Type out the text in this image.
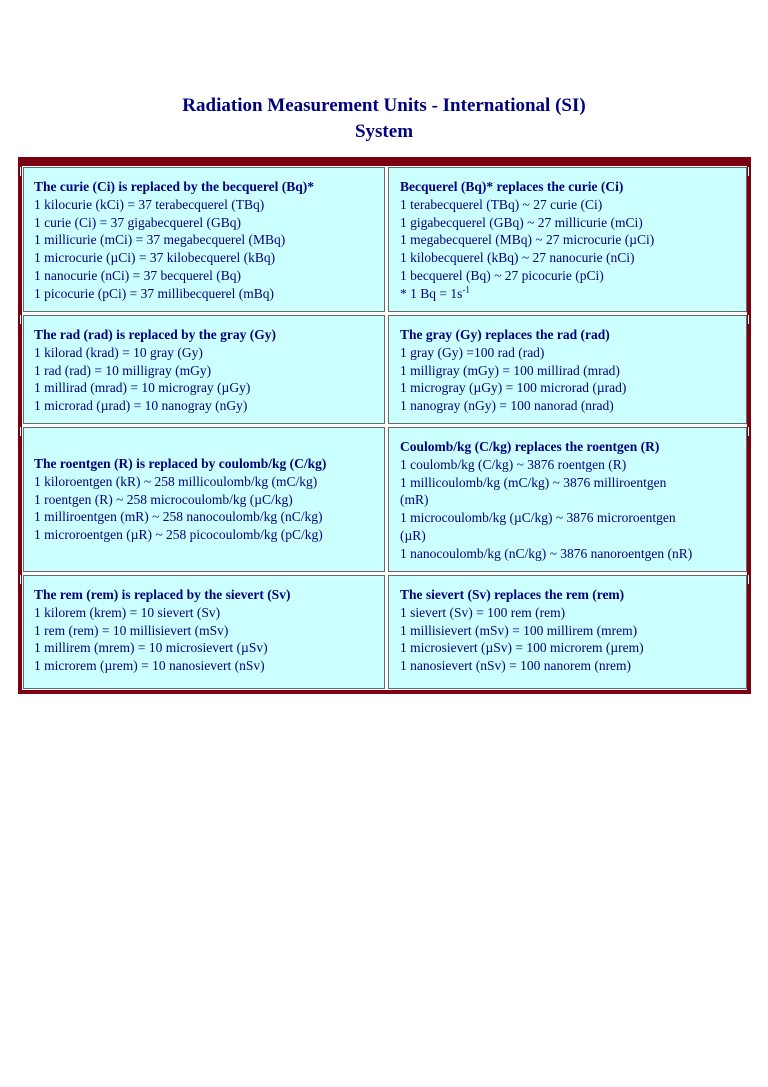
Radiation Measurement Units - International (SI)
System
The curie (Ci) is replaced by the becquerel (Bq)*
1 kilocurie (kCi) = 37 terabecquerel (TBq)
1 curie (Ci) = 37 gigabecquerel (GBq)
1 millicurie (mCi) = 37 megabecquerel (MBq)
1 microcurie (µCi) = 37 kilobecquerel (kBq)
1 nanocurie (nCi) = 37 becquerel (Bq)
1 picocurie (pCi) = 37 millibecquerel (mBq)
Becquerel (Bq)* replaces the curie (Ci)
1 terabecquerel (TBq) ~ 27 curie (Ci)
1 gigabecquerel (GBq) ~ 27 millicurie (mCi)
1 megabecquerel (MBq) ~ 27 microcurie (µCi)
1 kilobecquerel (kBq) ~ 27 nanocurie (nCi)
1 becquerel (Bq) ~ 27 picocurie (pCi)
* 1 $Bq = 1s^{-1}$
The rad (rad) is replaced by the gray (Gy)
1 kilorad (krad) = 10 gray (Gy)
1 rad (rad) = 10 milligray (mGy)
1 millirad (mrad) = 10 microgray (µGy)
1 microrad (µrad) = 10 nanogray (nGy)
The gray (Gy) replaces the rad (rad)
1 gray (Gy) =100 rad (rad)
1 milligray (mGy) = 100 millirad (mrad)
1 microgray (µGy) = 100 microrad (µrad)
1 nanogray (nGy) = 100 nanorad (nrad)
The roentgen (R) is replaced by coulomb/kg (C/kg)
1 kiloroentgen (kR) ~ 258 millicoulomb/kg (mC/kg)
1 roentgen (R) ~ 258 microcoulomb/kg (µC/kg)
1 milliroentgen (mR) ~ 258 nanocoulomb/kg (nC/kg)
1 microroentgen (µR) ~ 258 picocoulomb/kg (pC/kg)
Coulomb/kg (C/kg) replaces the roentgen (R)
1 coulomb/kg (C/kg) ~ 3876 roentgen (R)
1 millicoulomb/kg (mC/kg) ~ 3876 milliroentgen
(mR)
1 microcoulomb/kg (µC/kg) ~ 3876 microroentgen
(µR)
1 nanocoulomb/kg (nC/kg) ~ 3876 nanoroentgen (nR)
The rem (rem) is replaced by the sievert (Sv)
1 kilorem (krem) = 10 sievert (Sv)
1 rem (rem) = 10 millisievert (mSv)
1 millirem (mrem) = 10 microsievert (µSv)
1 microrem (µrem) = 10 nanosievert (nSv)
The sievert (Sv) replaces the rem (rem)
1 sievert (Sv) = 100 rem (rem)
1 millisievert (mSv) = 100 millirem (mrem)
1 microsievert (µSv) = 100 microrem (µrem)
1 nanosievert (nSv) = 100 nanorem (nrem)
